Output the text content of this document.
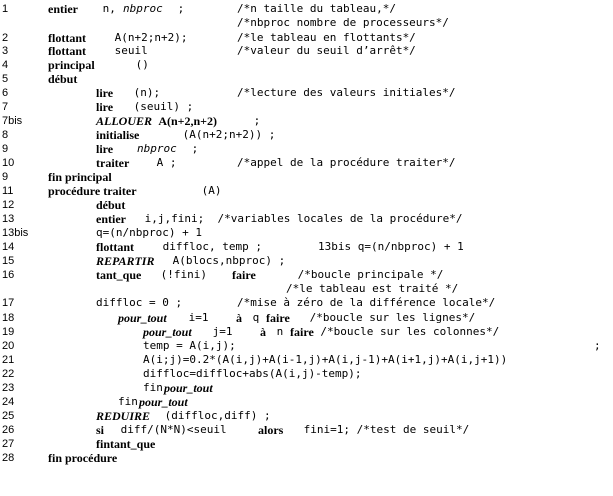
1	entier n, nbproc ;	/*n taille du tableau,*/
/*nbproc nombre de processeurs*/
2	flottant A(n+2;n+2);	/*le tableau en flottants*/
3	flottant seuil	/*valeur du seuil d’arrêt*/
4	principal	()
5	début
6	lire (n);	/*lecture des valeurs initiales*/
7	lire (seuil) ;
7bis	ALLOUER A(n+2,n+2)	;
8	initialise	(A(n+2;n+2)) ;
9	lire
nbproc ;
10	traiter A ;	/*appel de la procédure traiter*/
9	fin principal
11	procédure traiter	(A)
12	début
13	entier i,j,fini;  /*variables locales de la procédure*/
13bis	q=(n/nbproc) + 1
14	flottant diffloc, temp ;	13bis q=(n/nbproc) + 1
15	REPARTIR A(blocs,nbproc) ;
16	tant_que (!fini) faire	/*boucle principale */
/*le tableau est traité */
17	diffloc = 0 ;	/*mise à zéro de la différence locale*/
18	pour_tout i=1 à q faire /*boucle sur les lignes*/
19	pour_tout j=1 à n faire /*boucle sur les colonnes*/
20	temp = A(i,j);	;
21	A(i;j)=0.2*(A(i,j)+A(i-1,j)+A(i,j-1)+A(i+1,j)+A(i,j+1))
22	diffloc=diffloc+abs(A(i,j)-temp);
23	fin pour_tout
24	fin pour_tout
25	REDUIRE (diffloc,diff) ;
26	si diff/(N*N)<seuil alors fini=1; /*test de seuil*/
27	fintant_que
28	fin procédure
